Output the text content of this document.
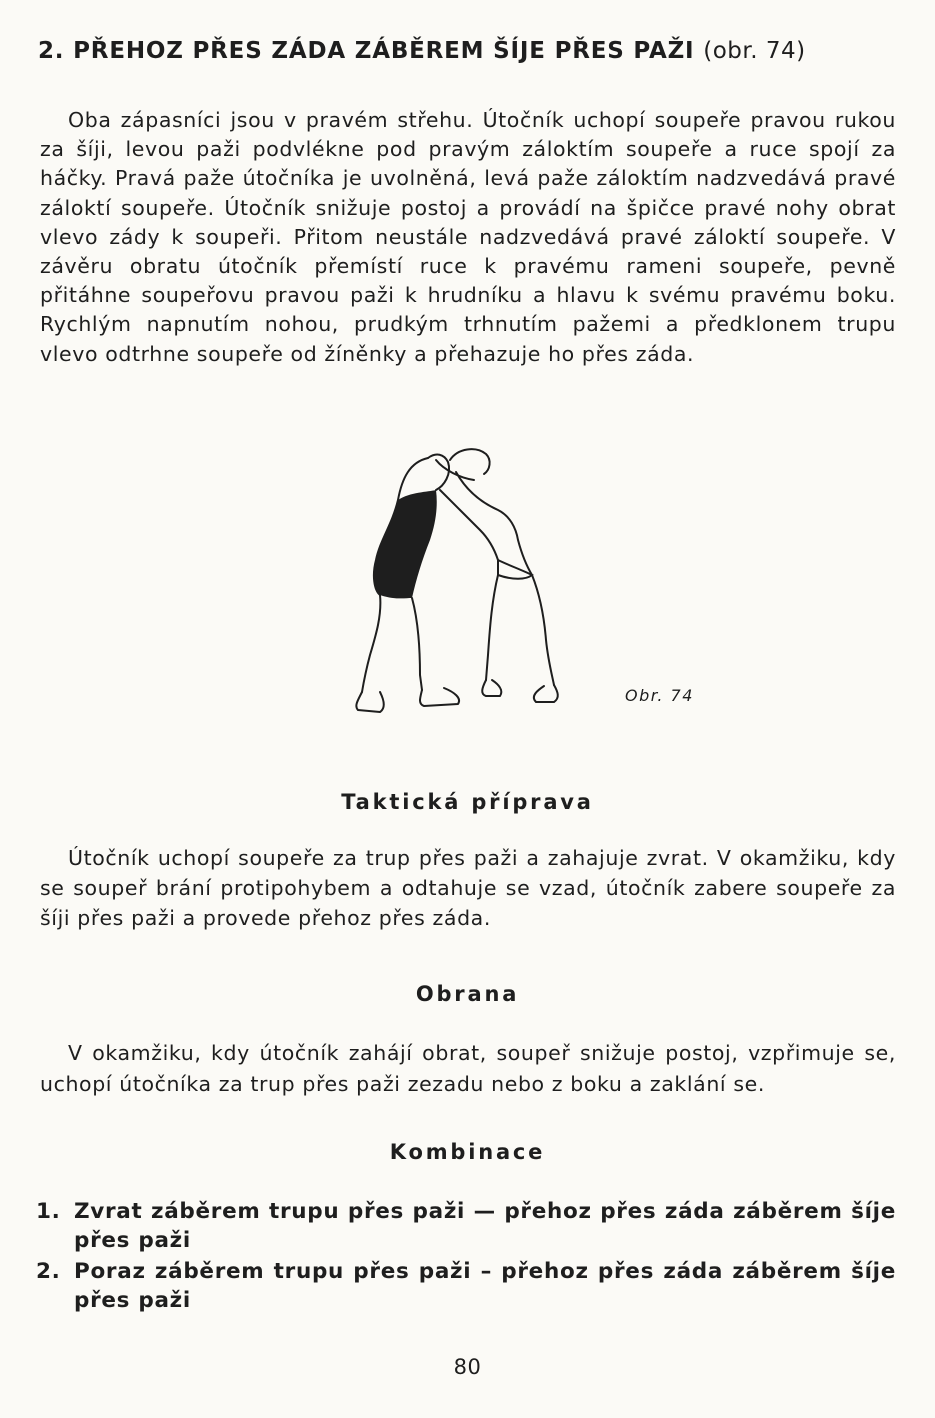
2. PŘEHOZ PŘES ZÁDA ZÁBĚREM ŠÍJE PŘES PAŽI (obr. 74)

Oba zápasníci jsou v pravém střehu. Útočník uchopí soupeře pravou rukou za šíji, levou paži podvlékne pod pravým záloktím soupeře a ruce spojí za háčky. Pravá paže útočníka je uvolněná, levá paže záloktím nadzvedává pravé záloktí soupeře. Útočník snižuje postoj a provádí na špičce pravé nohy obrat vlevo zády k soupeři. Přitom neustále nadzvedává pravé záloktí soupeře. V závěru obratu útočník přemístí ruce k pravému rameni soupeře, pevně přitáhne soupeřovu pravou paži k hrudníku a hlavu k svému pravému boku. Rychlým napnutím nohou, prudkým trhnutím pažemi a předklonem trupu vlevo odtrhne soupeře od žíněnky a přehazuje ho přes záda.

Obr. 74
Taktická příprava

Útočník uchopí soupeře za trup přes paži a zahajuje zvrat. V okamžiku, kdy se soupeř brání protipohybem a odtahuje se vzad, útočník zabere soupeře za šíji přes paži a provede přehoz přes záda.

Obrana

V okamžiku, kdy útočník zahájí obrat, soupeř snižuje postoj, vzpřimuje se, uchopí útočníka za trup přes paži zezadu nebo z boku a zaklání se.

Kombinace
1. Zvrat záběrem trupu přes paži — přehoz přes záda záběrem šíje přes paži
2. Poraz záběrem trupu přes paži – přehoz přes záda záběrem šíje přes paži
80
